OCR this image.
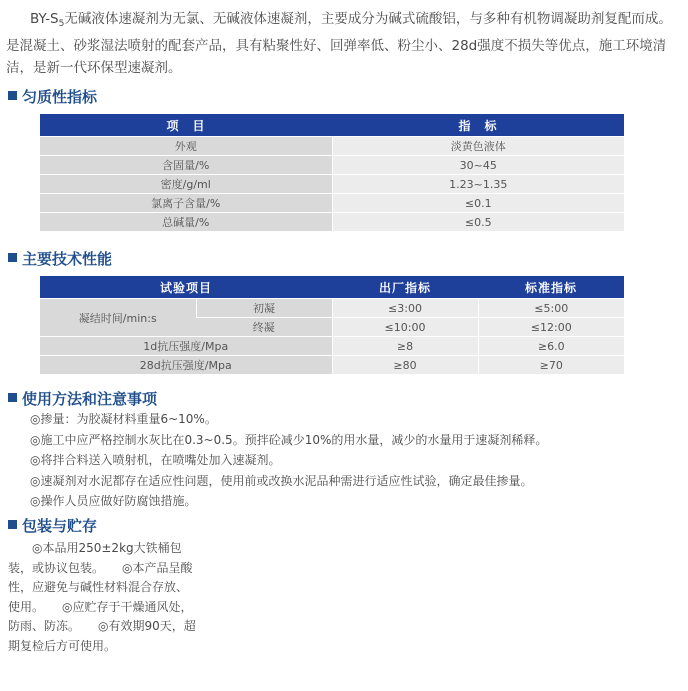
$BY-S_5$无碱液体速凝剂为无氯、无碱液体速凝剂，主要成分为碱式硫酸铝，与多种有机物调凝助剂复配而成。是混凝土、砂浆湿法喷射的配套产品，具有粘聚性好、回弹率低、粉尘小、28d强度不损失等优点，施工环境清洁，是新一代环保型速凝剂。

匀质性指标
项　目	指　标
外观	淡黄色液体
含固量/%	30~45
密度/g/ml	1.23~1.35
氯离子含量/%	≤0.1
总碱量/%	≤0.5
主要技术性能
试验项目		出厂指标	标准指标
凝结时间/min:s	初凝	≤3:00	≤5:00
	终凝	≤10:00	≤12:00
1d抗压强度/Mpa		≥8	≥6.0
28d抗压强度/Mpa		≥80	≥70
使用方法和注意事项
◎掺量：为胶凝材料重量6~10%。
◎施工中应严格控制水灰比在0.3~0.5。预拌砼减少10%的用水量，减少的水量用于速凝剂稀释。
◎将拌合料送入喷射机，在喷嘴处加入速凝剂。
◎速凝剂对水泥都存在适应性问题，使用前或改换水泥品种需进行适应性试验，确定最佳掺量。
◎操作人员应做好防腐蚀措施。
包装与贮存

　　◎本品用250±2kg大铁桶包装，或协议包装。　　◎本产品呈酸性，应避免与碱性材料混合存放、使用。　　◎应贮存于干燥通风处，防雨、防冻。　　◎有效期90天，超期复检后方可使用。
